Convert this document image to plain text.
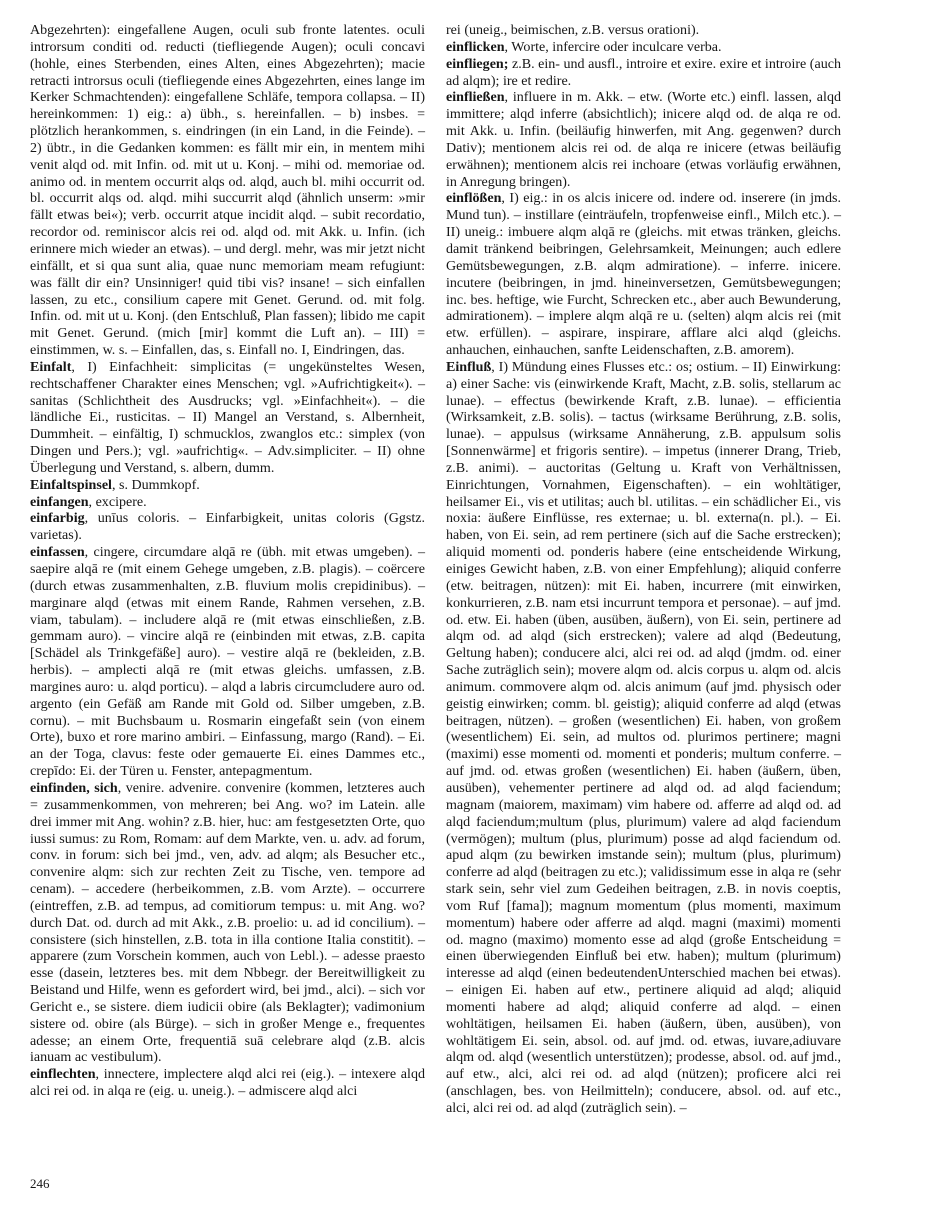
Abgezehrten): eingefallene Augen, oculi sub fronte latentes. oculi introrsum conditi od. reducti (tiefliegende Augen); oculi concavi (hohle, eines Sterbenden, eines Alten, eines Abgezehrten); macie retracti introrsus oculi (tiefliegende eines Abgezehrten, eines lange im Kerker Schmachtenden): eingefallene Schläfe, tempora collapsa. – II) hereinkommen: 1) eig.: a) übh., s. hereinfallen. – b) insbes. = plötzlich herankommen, s. eindringen (in ein Land, in die Feinde). – 2) übtr., in die Gedanken kommen: es fällt mir ein, in mentem mihi venit alqd od. mit Infin. od. mit ut u. Konj. – mihi od. memoriae od. animo od. in mentem occurrit alqs od. alqd, auch bl. mihi occurrit od. bl. occurrit alqs od. alqd. mihi succurrit alqd (ähnlich unserm: »mir fällt etwas bei«); verb. occurrit atque incidit alqd. – subit recordatio, recordor od. reminiscor alcis rei od. alqd od. mit Akk. u. Infin. (ich erinnere mich wieder an etwas). – und dergl. mehr, was mir jetzt nicht einfällt, et si qua sunt alia, quae nunc memoriam meam refugiunt: was fällt dir ein? Unsinniger! quid tibi vis? insane! – sich einfallen lassen, zu etc., consilium capere mit Genet. Gerund. od. mit folg. Infin. od. mit ut u. Konj. (den Entschluß, Plan fassen); libido me capit mit Genet. Gerund. (mich [mir] kommt die Luft an). – III) = einstimmen, w. s. – Einfallen, das, s. Einfall no. I, Eindringen, das.

Einfalt, I) Einfachheit: simplicitas (= ungekünsteltes Wesen, rechtschaffener Charakter eines Menschen; vgl. »Aufrichtigkeit«). – sanitas (Schlichtheit des Ausdrucks; vgl. »Einfachheit«). – die ländliche Ei., rusticitas. – II) Mangel an Verstand, s. Albernheit, Dummheit. – einfältig, I) schmucklos, zwanglos etc.: simplex (von Dingen und Pers.); vgl. »aufrichtig«. – Adv.simpliciter. – II) ohne Überlegung und Verstand, s. albern, dumm.

Einfaltspinsel, s. Dummkopf.

einfangen, excipere.

einfarbig, unīus coloris. – Einfarbigkeit, unitas coloris (Ggstz. varietas).

einfassen, cingere, circumdare alqā re (übh. mit etwas umgeben). – saepire alqā re (mit einem Gehege umgeben, z.B. plagis). – coërcere (durch etwas zusammenhalten, z.B. fluvium molis crepidinibus). – marginare alqd (etwas mit einem Rande, Rahmen versehen, z.B. viam, tabulam). – includere alqā re (mit etwas einschließen, z.B. gemmam auro). – vincire alqā re (einbinden mit etwas, z.B. capita [Schädel als Trinkgefäße] auro). – vestire alqā re (bekleiden, z.B. herbis). – amplecti alqā re (mit etwas gleichs. umfassen, z.B. margines auro: u. alqd porticu). – alqd a labris circumcludere auro od. argento (ein Gefäß am Rande mit Gold od. Silber umgeben, z.B. cornu). – mit Buchsbaum u. Rosmarin eingefaßt sein (von einem Orte), buxo et rore marino ambiri. – Einfassung, margo (Rand). – Ei. an der Toga, clavus: feste oder gemauerte Ei. eines Dammes etc., crepīdo: Ei. der Türen u. Fenster, antepagmentum.

einfinden, sich, venire. advenire. convenire (kommen, letzteres auch = zusammenkommen, von mehreren; bei Ang. wo? im Latein. alle drei immer mit Ang. wohin? z.B. hier, huc: am festgesetzten Orte, quo iussi sumus: zu Rom, Romam: auf dem Markte, ven. u. adv. ad forum, conv. in forum: sich bei jmd., ven, adv. ad alqm; als Besucher etc., convenire alqm: sich zur rechten Zeit zu Tische, ven. tempore ad cenam). – accedere (herbeikommen, z.B. vom Arzte). – occurrere (eintreffen, z.B. ad tempus, ad comitiorum tempus: u. mit Ang. wo? durch Dat. od. durch ad mit Akk., z.B. proelio: u. ad id concilium). – consistere (sich hinstellen, z.B. tota in illa contione Italia constitit). – apparere (zum Vorschein kommen, auch von Lebl.). – adesse praesto esse (dasein, letzteres bes. mit dem Nbbegr. der Bereitwilligkeit zu Beistand und Hilfe, wenn es gefordert wird, bei jmd., alci). – sich vor Gericht e., se sistere. diem iudicii obire (als Beklagter); vadimonium sistere od. obire (als Bürge). – sich in großer Menge e., frequentes adesse; an einem Orte, frequentiā suā celebrare alqd (z.B. alcis ianuam ac vestibulum).

einflechten, innectere, implectere alqd alci rei (eig.). – intexere alqd alci rei od. in alqa re (eig. u. uneig.). – admiscere alqd alci

rei (uneig., beimischen, z.B. versus orationi).

einflicken, Worte, infercire oder inculcare verba.

einfliegen; z.B. ein- und ausfl., introire et exire. exire et introire (auch ad alqm); ire et redire.

einfließen, influere in m. Akk. – etw. (Worte etc.) einfl. lassen, alqd immittere; alqd inferre (absichtlich); inicere alqd od. de alqa re od. mit Akk. u. Infin. (beiläufig hinwerfen, mit Ang. gegenwen? durch Dativ); mentionem alcis rei od. de alqa re inicere (etwas beiläufig erwähnen); mentionem alcis rei inchoare (etwas vorläufig erwähnen, in Anregung bringen).

einflößen, I) eig.: in os alcis inicere od. indere od. inserere (in jmds. Mund tun). – instillare (einträufeln, tropfenweise einfl., Milch etc.). – II) uneig.: imbuere alqm alqā re (gleichs. mit etwas tränken, gleichs. damit tränkend beibringen, Gelehrsamkeit, Meinungen; auch edlere Gemütsbewegungen, z.B. alqm admiratione). – inferre. inicere. incutere (beibringen, in jmd. hineinversetzen, Gemütsbewegungen; inc. bes. heftige, wie Furcht, Schrecken etc., aber auch Bewunderung, admirationem). – implere alqm alqā re u. (selten) alqm alcis rei (mit etw. erfüllen). – aspirare, inspirare, afflare alci alqd (gleichs. anhauchen, einhauchen, sanfte Leidenschaften, z.B. amorem).

Einfluß, I) Mündung eines Flusses etc.: os; ostium. – II) Einwirkung: a) einer Sache: vis (einwirkende Kraft, Macht, z.B. solis, stellarum ac lunae). – effectus (bewirkende Kraft, z.B. lunae). – efficientia (Wirksamkeit, z.B. solis). – tactus (wirksame Berührung, z.B. solis, lunae). – appulsus (wirksame Annäherung, z.B. appulsum solis [Sonnenwärme] et frigoris sentire). – impetus (innerer Drang, Trieb, z.B. animi). – auctoritas (Geltung u. Kraft von Verhältnissen, Einrichtungen, Vornahmen, Eigenschaften). – ein wohltätiger, heilsamer Ei., vis et utilitas; auch bl. utilitas. – ein schädlicher Ei., vis noxia: äußere Einflüsse, res externae; u. bl. externa(n. pl.). – Ei. haben, von Ei. sein, ad rem pertinere (sich auf die Sache erstrecken); aliquid momenti od. ponderis habere (eine entscheidende Wirkung, einiges Gewicht haben, z.B. von einer Empfehlung); aliquid conferre (etw. beitragen, nützen): mit Ei. haben, incurrere (mit einwirken, konkurrieren, z.B. nam etsi incurrunt tempora et personae). – auf jmd. od. etw. Ei. haben (üben, ausüben, äußern), von Ei. sein, pertinere ad alqm od. ad alqd (sich erstrecken); valere ad alqd (Bedeutung, Geltung haben); conducere alci, alci rei od. ad alqd (jmdm. od. einer Sache zuträglich sein); movere alqm od. alcis corpus u. alqm od. alcis animum. commovere alqm od. alcis animum (auf jmd. physisch oder geistig einwirken; comm. bl. geistig); aliquid conferre ad alqd (etwas beitragen, nützen). – großen (wesentlichen) Ei. haben, von großem (wesentlichem) Ei. sein, ad multos od. plurimos pertinere; magni (maximi) esse momenti od. momenti et ponderis; multum conferre. – auf jmd. od. etwas großen (wesentlichen) Ei. haben (äußern, üben, ausüben), vehementer pertinere ad alqd od. ad alqd faciendum; magnam (maiorem, maximam) vim habere od. afferre ad alqd od. ad alqd faciendum;multum (plus, plurimum) valere ad alqd faciendum (vermögen); multum (plus, plurimum) posse ad alqd faciendum od. apud alqm (zu bewirken imstande sein); multum (plus, plurimum) conferre ad alqd (beitragen zu etc.); validissimum esse in alqa re (sehr stark sein, sehr viel zum Gedeihen beitragen, z.B. in novis coeptis, vom Ruf [fama]); magnum momentum (plus momenti, maximum momentum) habere oder afferre ad alqd. magni (maximi) momenti od. magno (maximo) momento esse ad alqd (große Entscheidung = einen überwiegenden Einfluß bei etw. haben); multum (plurimum) interesse ad alqd (einen bedeutendenUnterschied machen bei etwas). – einigen Ei. haben auf etw., pertinere aliquid ad alqd; aliquid momenti habere ad alqd; aliquid conferre ad alqd. – einen wohltätigen, heilsamen Ei. haben (äußern, üben, ausüben), von wohltätigem Ei. sein, absol. od. auf jmd. od. etwas, iuvare,adiuvare alqm od. alqd (wesentlich unterstützen); prodesse, absol. od. auf jmd., auf etw., alci, alci rei od. ad alqd (nützen); proficere alci rei (anschlagen, bes. von Heilmitteln); conducere, absol. od. auf etc., alci, alci rei od. ad alqd (zuträglich sein). –

246
